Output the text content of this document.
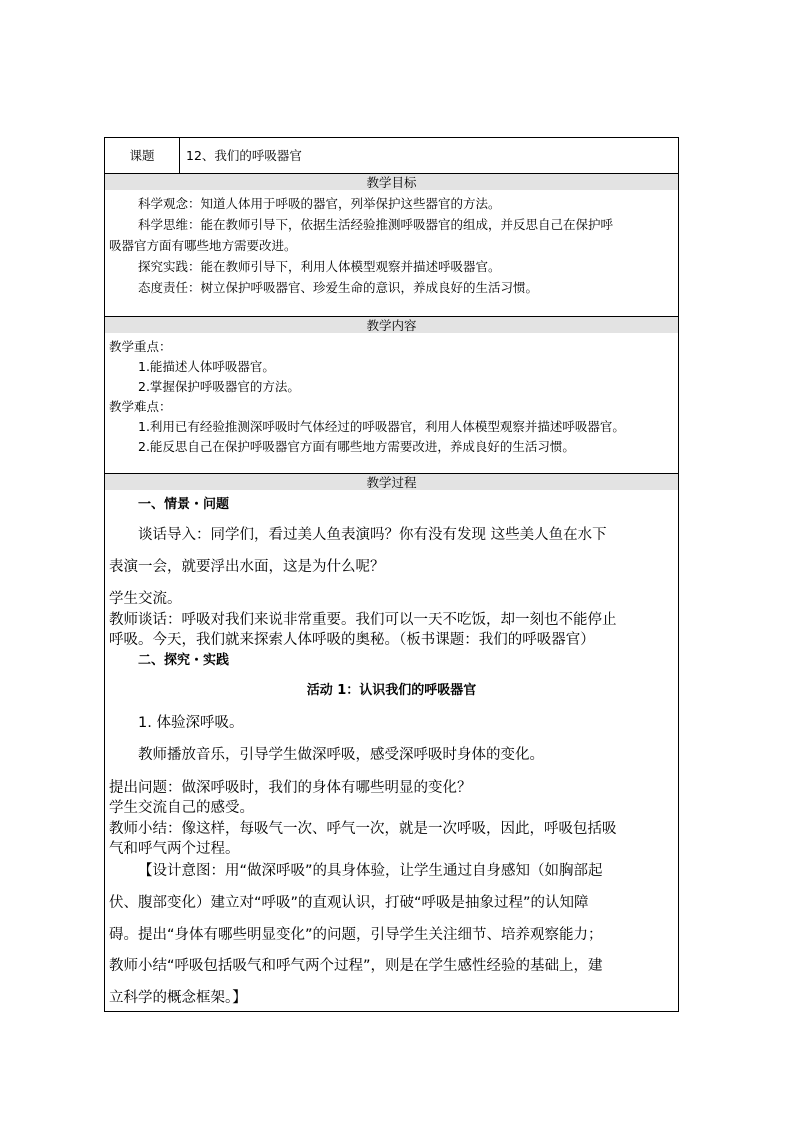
课题	12、我们的呼吸器官
教学目标
科学观念：知道人体用于呼吸的器官，列举保护这些器官的方法。
科学思维：能在教师引导下，依据生活经验推测呼吸器官的组成，并反思自己在保护呼
吸器官方面有哪些地方需要改进。
探究实践：能在教师引导下，利用人体模型观察并描述呼吸器官。
态度责任：树立保护呼吸器官、珍爱生命的意识，养成良好的生活习惯。
教学内容
教学重点：
1.能描述人体呼吸器官。
2.掌握保护呼吸器官的方法。
教学难点：
1.利用已有经验推测深呼吸时气体经过的呼吸器官，利用人体模型观察并描述呼吸器官。
2.能反思自己在保护呼吸器官方面有哪些地方需要改进，养成良好的生活习惯。
教学过程
一、情景・问题
谈话导入：同学们，看过美人鱼表演吗？你有没有发现 这些美人鱼在水下
表演一会，就要浮出水面，这是为什么呢？
学生交流。
教师谈话：呼吸对我们来说非常重要。我们可以一天不吃饭，却一刻也不能停止
呼吸。今天，我们就来探索人体呼吸的奥秘。（板书课题：我们的呼吸器官）
二、探究・实践
活动 1：认识我们的呼吸器官
1. 体验深呼吸。
教师播放音乐，引导学生做深呼吸，感受深呼吸时身体的变化。
提出问题：做深呼吸时，我们的身体有哪些明显的变化？
学生交流自己的感受。
教师小结：像这样，每吸气一次、呼气一次，就是一次呼吸，因此，呼吸包括吸
气和呼气两个过程。
【设计意图：用“做深呼吸”的具身体验，让学生通过自身感知（如胸部起
伏、腹部变化）建立对“呼吸”的直观认识，打破“呼吸是抽象过程”的认知障
碍。提出“身体有哪些明显变化”的问题，引导学生关注细节、培养观察能力；
教师小结“呼吸包括吸气和呼气两个过程”，则是在学生感性经验的基础上，建
立科学的概念框架。】
